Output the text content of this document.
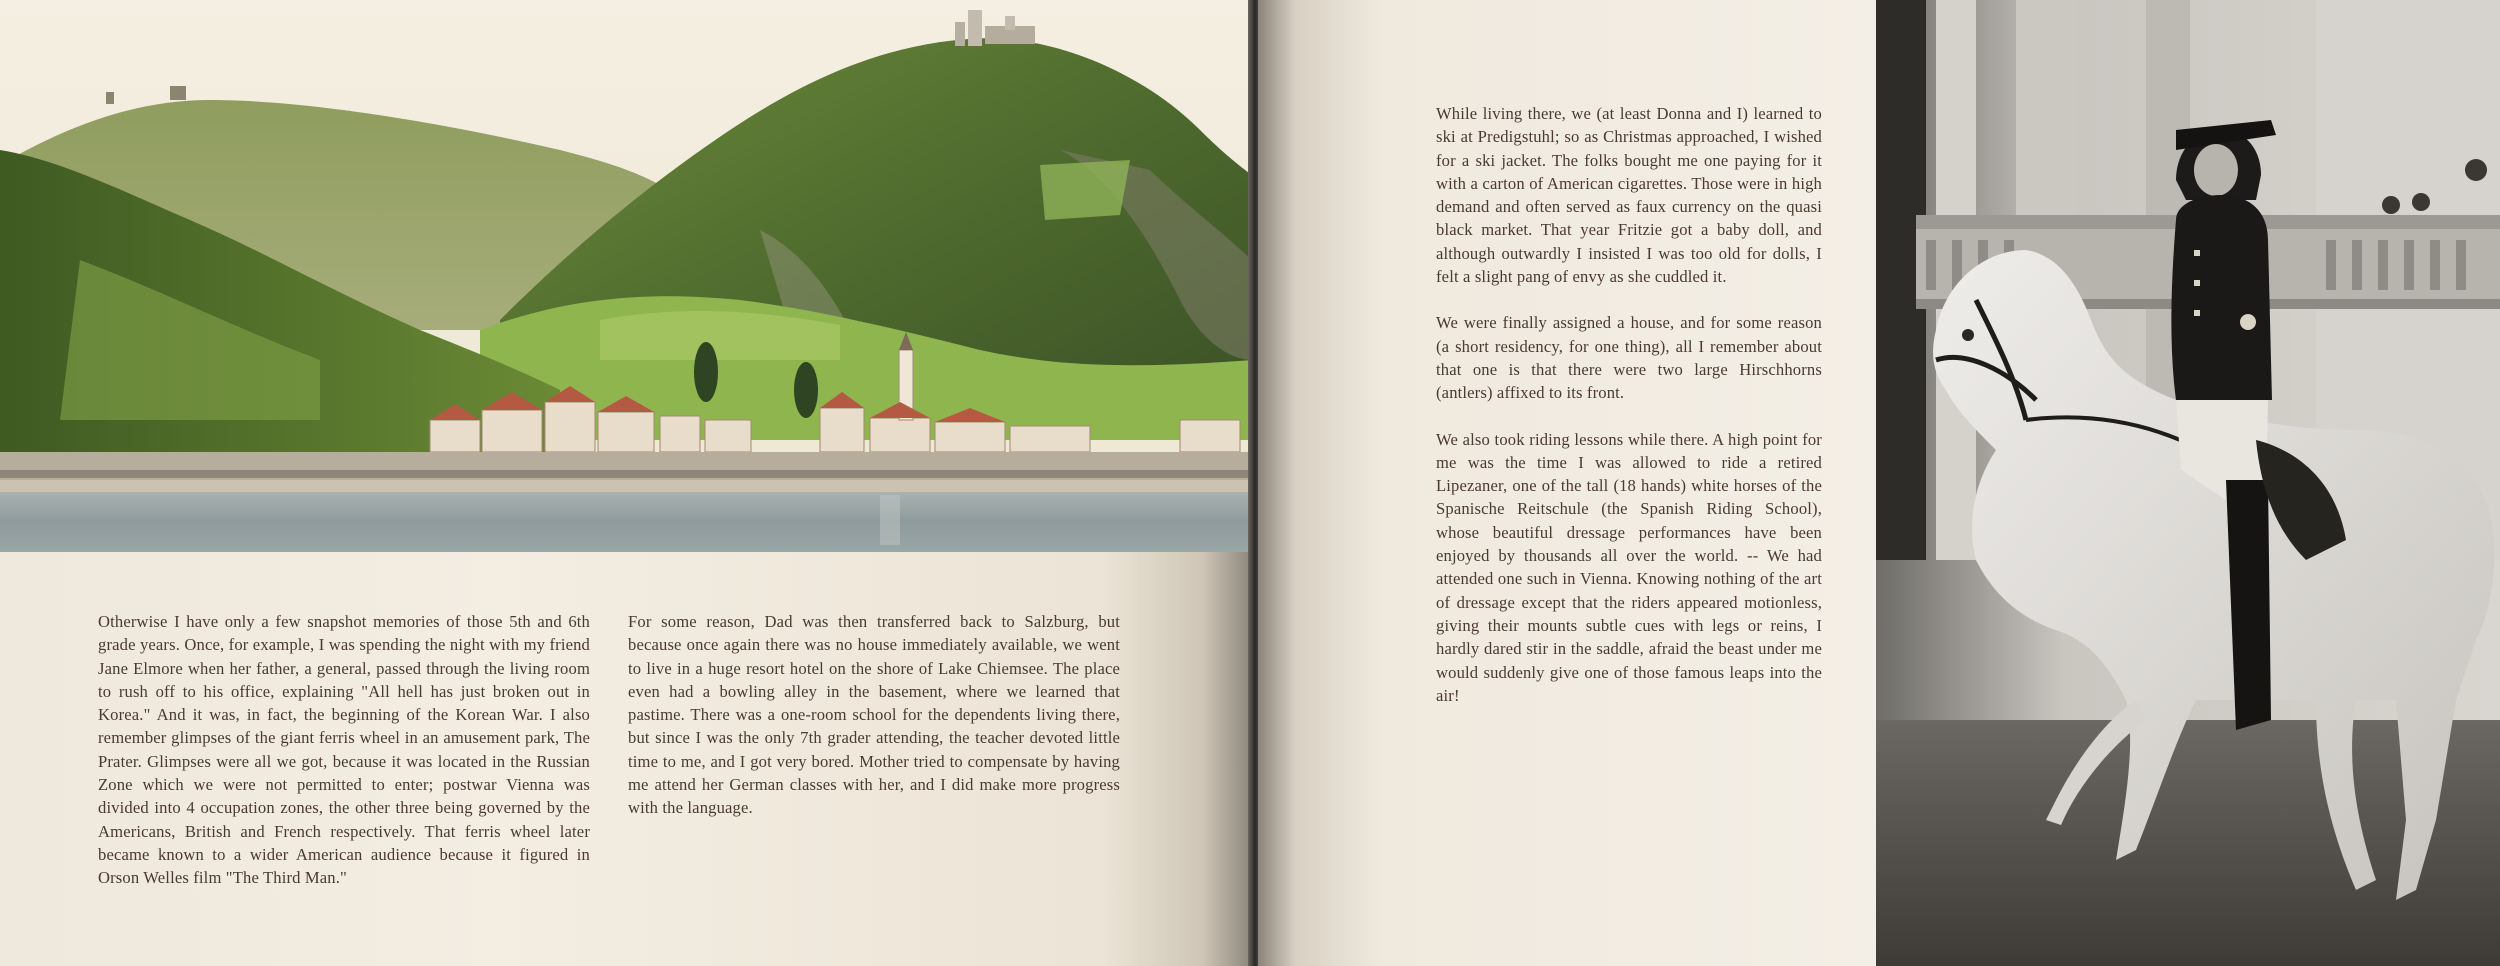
Otherwise I have only a few snapshot memories of those 5th and 6th grade years. Once, for example, I was spending the night with my friend Jane Elmore when her father, a general, passed through the living room to rush off to his office, explaining "All hell has just broken out in Korea." And it was, in fact, the beginning of the Korean War. I also remember glimpses of the giant ferris wheel in an amusement park, The Prater. Glimpses were all we got, because it was located in the Russian Zone which we were not permitted to enter; postwar Vienna was divided into 4 occupation zones, the other three being governed by the Americans, British and French respectively. That ferris wheel later became known to a wider American audience because it figured in Orson Welles film "The Third Man."

For some reason, Dad was then transferred back to Salzburg, but because once again there was no house immediately available, we went to live in a huge resort hotel on the shore of Lake Chiemsee. The place even had a bowling alley in the basement, where we learned that pastime. There was a one-room school for the dependents living there, but since I was the only 7th grader attending, the teacher devoted little time to me, and I got very bored. Mother tried to compensate by having me attend her German classes with her, and I did make more progress with the language.

While living there, we (at least Donna and I) learned to ski at Predigstuhl; so as Christmas approached, I wished for a ski jacket. The folks bought me one paying for it with a carton of American cigarettes. Those were in high demand and often served as faux currency on the quasi black market. That year Fritzie got a baby doll, and although outwardly I insisted I was too old for dolls, I felt a slight pang of envy as she cuddled it.

We were finally assigned a house, and for some reason (a short residency, for one thing), all I remember about that one is that there were two large Hirschhorns (antlers) affixed to its front.

We also took riding lessons while there. A high point for me was the time I was allowed to ride a retired Lipezaner, one of the tall (18 hands) white horses of the Spanische Reitschule (the Spanish Riding School), whose beautiful dressage performances have been enjoyed by thousands all over the world. -- We had attended one such in Vienna. Knowing nothing of the art of dressage except that the riders appeared motionless, giving their mounts subtle cues with legs or reins, I hardly dared stir in the saddle, afraid the beast under me would suddenly give one of those famous leaps into the air!
